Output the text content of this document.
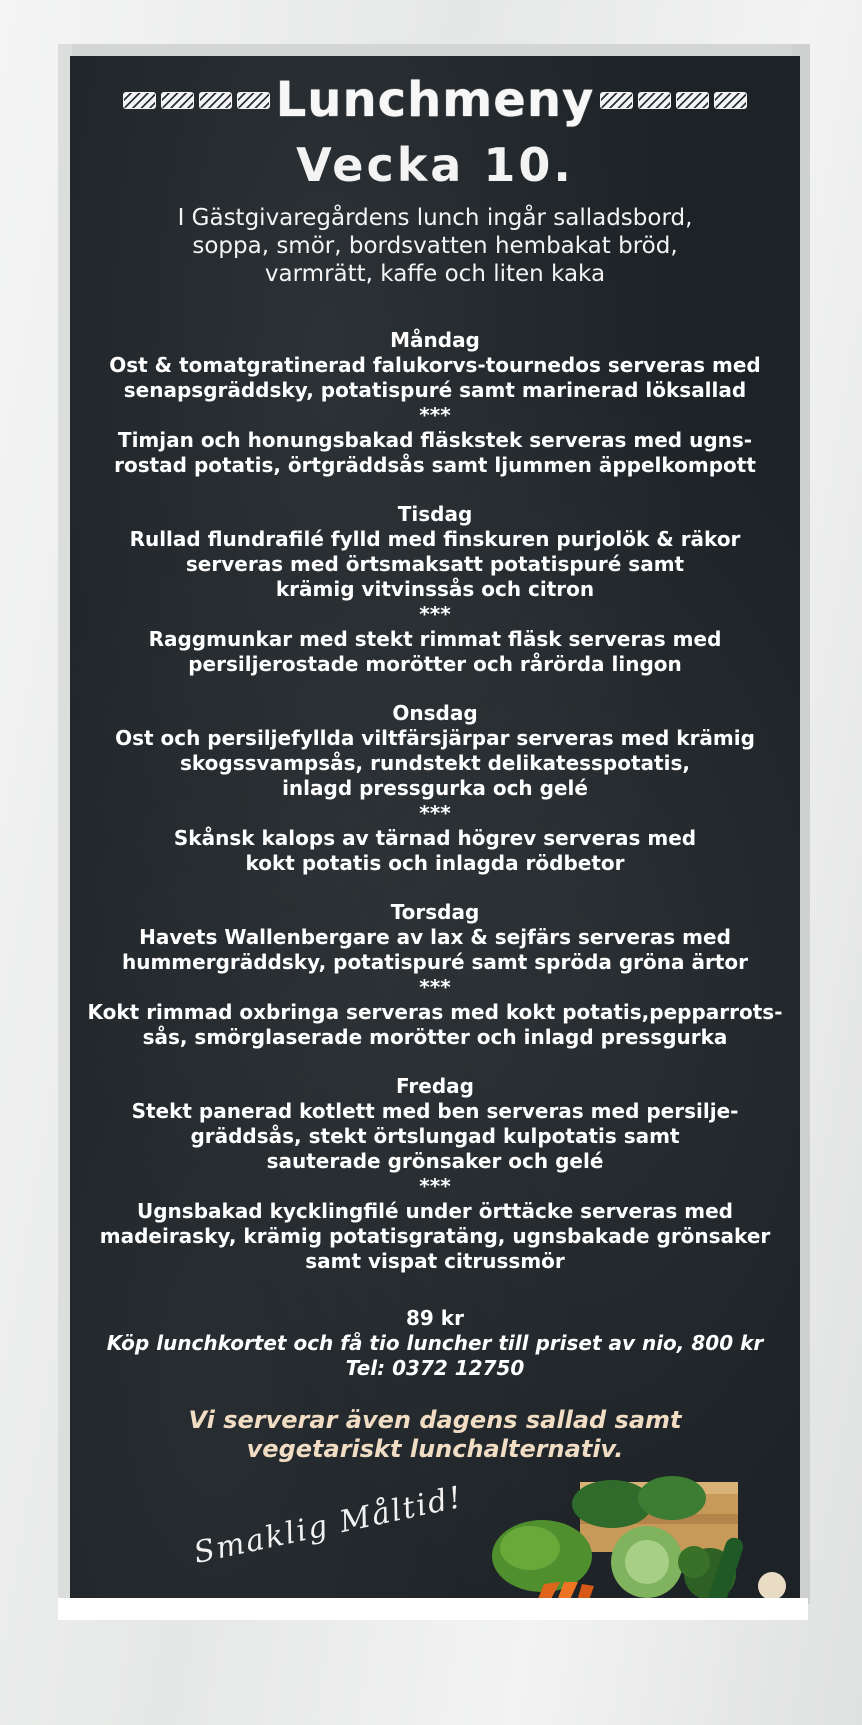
Lunchmeny
Vecka 10.
I Gästgivaregårdens lunch ingår salladsbord,
soppa, smör, bordsvatten hembakat bröd,
varmrätt, kaffe och liten kaka
Måndag
Ost & tomatgratinerad falukorvs-tournedos serveras med
senapsgräddsky, potatispuré samt marinerad löksallad
***
Timjan och honungsbakad fläskstek serveras med ugns-
rostad potatis, örtgräddsås samt ljummen äppelkompott
Tisdag
Rullad flundrafilé fylld med finskuren purjolök & räkor
serveras med örtsmaksatt potatispuré samt
krämig vitvinssås och citron
***
Raggmunkar med stekt rimmat fläsk serveras med
persiljerostade morötter och rårörda lingon
Onsdag
Ost och persiljefyllda viltfärsjärpar serveras med krämig
skogssvampsås, rundstekt delikatesspotatis,
inlagd pressgurka och gelé
***
Skånsk kalops av tärnad högrev serveras med
kokt potatis och inlagda rödbetor
Torsdag
Havets Wallenbergare av lax & sejfärs serveras med
hummergräddsky, potatispuré samt spröda gröna ärtor
***
Kokt rimmad oxbringa serveras med kokt potatis,pepparrots-
sås, smörglaserade morötter och inlagd pressgurka
Fredag
Stekt panerad kotlett med ben serveras med persilje-
gräddsås, stekt örtslungad kulpotatis samt
sauterade grönsaker och gelé
***
Ugnsbakad kycklingfilé under örttäcke serveras med
madeirasky, krämig potatisgratäng, ugnsbakade grönsaker
samt vispat citrussmör
89 kr
Köp lunchkortet och få tio luncher till priset av nio, 800 kr
Tel: 0372 12750
Vi serverar även dagens sallad samt
vegetariskt lunchalternativ.
Smaklig Måltid!
